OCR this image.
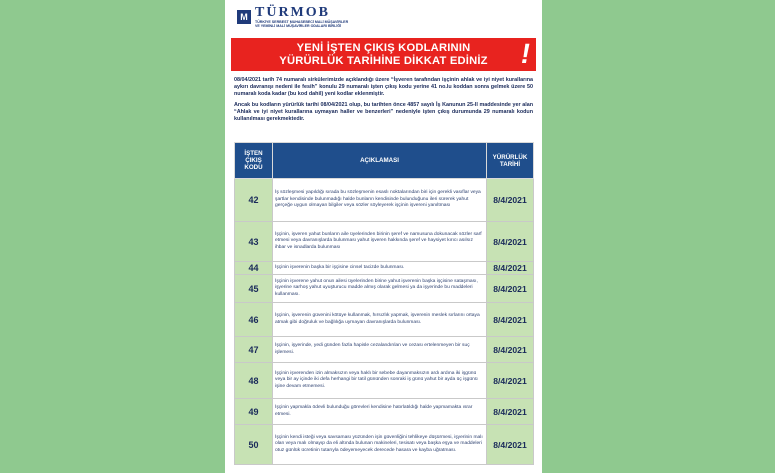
M TÜRMOB
TÜRKİYE SERBEST MUHASEBECİ MALİ MÜŞAVİRLER
VE YEMİNLİ MALİ MÜŞAVİRLER ODALARI BİRLİĞİ
YENİ İŞTEN ÇIKIŞ KODLARININ
YÜRÜRLÜK TARİHİNE DİKKAT EDİNİZ !
08/04/2021 tarih 74 numaralı sirkülerimizde açıklandığı üzere “İşveren tarafından işçinin ahlak ve iyi niyet kurallarına aykırı davranışı nedeni ile fesih” konulu 29 numaralı işten çıkış kodu yerine 41 no.lu koddan sonra gelmek üzere 50 numaralı koda kadar (bu kod dahil) yeni kodlar eklenmiştir.
Ancak bu kodların yürürlük tarihi 08/04/2021 olup, bu tarihten önce 4857 sayılı İş Kanunun 25-II maddesinde yer alan “Ahlak ve iyi niyet kurallarına uymayan haller ve benzerleri” nedeniyle işten çıkış durumunda 29 numaralı kodun kullanılması gerekmektedir.
İŞTEN ÇIKIŞ KODU	AÇIKLAMASI	YÜRÜRLÜK TARİHİ
42	İş sözleşmesi yapıldığı sırada bu sözleşmenin esaslı noktalarından biri için gerekli vasıflar veya şartlar kendisinde bulunmadığı halde bunların kendisinde bulunduğunu ileri sürerek yahut gerçeğe uygun olmayan bilgiler veya sözler söyleyerek işçinin işvereni yanıltması	8/4/2021
43	İşçinin, işveren yahut bunların aile üyelerinden birinin şeref ve namusuna dokunacak sözler sarf etmesi veya davranışlarda bulunması yahut işveren hakkında şeref ve haysiyet kırıcı asılsız ihbar ve isnadlarda bulunması	8/4/2021
44	İşçinin işverenin başka bir işçisine cinsel tacizde bulunması.	8/4/2021
45	İşçinin işverene yahut onun ailesi üyelerinden birine yahut işverenin başka işçisine sataşması, işyerine sarhoş yahut uyuşturucu madde almış olarak gelmesi ya da işyerinde bu maddeleri kullanması.	8/4/2021
46	İşçinin, işverenin güvenini kötüye kullanmak, hırsızlık yapmak, işverenin meslek sırlarını ortaya atmak gibi doğruluk ve bağlılığa uymayan davranışlarda bulunması.	8/4/2021
47	İşçinin, işyerinde, yedi günden fazla hapisle cezalandırılan ve cezası ertelenmeyen bir suç işlemesi.	8/4/2021
48	İşçinin işverenden izin almaksızın veya haklı bir sebebe dayanmaksızın ardı ardına iki işgünü veya bir ay içinde iki defa herhangi bir tatil gününden sonraki iş günü yahut bir ayda üç işgünü işine devam etmemesi.	8/4/2021
49	İşçinin yapmakla ödevli bulunduğu görevleri kendisine hatırlatıldığı halde yapmamakta ısrar etmesi.	8/4/2021
50	İşçinin kendi isteği veya savsaması yüzünden işin güvenliğini tehlikeye düşürmesi, işyerinin malı olan veya malı olmayıp da eli altında bulunan makineleri, tesisatı veya başka eşya ve maddeleri otuz günlük ücretinin tutarıyla ödeyemeyecek derecede hasara ve kayba uğratması.	8/4/2021
